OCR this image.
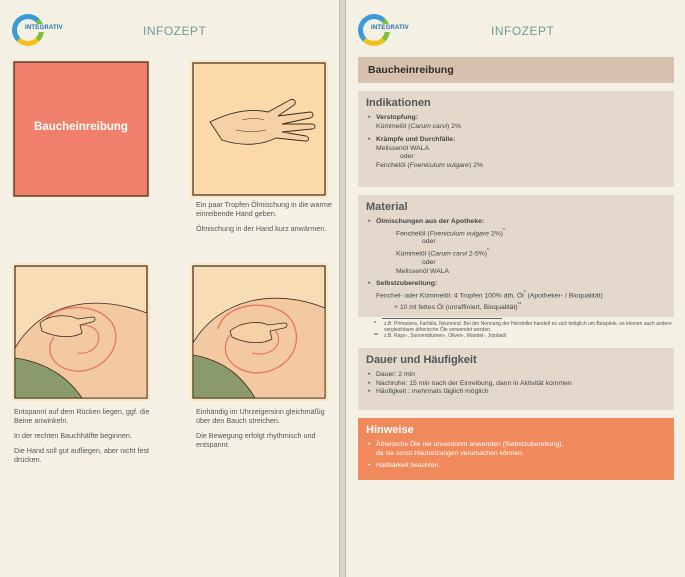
INTEGRATIV	INFOZEPT
Baucheinreibung

Ein paar Tropfen Ölmischung in die warme einreibende Hand geben.

Ölmischung in der Hand kurz anwärmen.

Entspannt auf dem Rücken liegen, ggf. die Beine anwinkeln.

In der rechten Bauchhälfte beginnen.

Die Hand soll gut aufliegen, aber nicht fest drücken.

Einhändig im Uhrzeigersinn gleichmäßig über den Bauch streichen.

Die Bewegung erfolgt rhythmisch und entspannt.

INTEGRATIV	INFOZEPT
Baucheinreibung
Indikationen
• Verstopfung:
Kümmelöl (Carum carvi) 2%
• Krämpfe und Durchfälle:
Melissenöl WALA
oder
Fenchelöl (Foeniculum vulgare) 2%
Material
• Ölmischungen aus der Apotheke:
Fenchelöl (Foeniculum vulgare 2%)*
oder
Kümmelöl (Carum carvi 2-5%)*
oder
Melissenöl WALA
• Selbstzubereitung:
Fenchel- oder Kümmelöl: 4 Tropfen 100% äth. Öl* (Apotheker- / Bioqualität)
+ 10 ml fettes Öl (unraffiniert, Bioqualität)**
* z.B. Primavera, Farfalla, Neumond. Bei der Nennung der Hersteller handelt es sich lediglich um Beispiele, es können auch andere vergleichbare ätherische Öle verwendet werden.
** z.B. Raps-, Sonnenblumen-, Oliven-, Mandel-, Jojobaöl
Dauer und Häufigkeit
• Dauer: 2 min
• Nachruhe: 15 min nach der Einreibung, dann in Aktivität kommen
• Häufigkeit : mehrmals täglich möglich
Hinweise
• Ätherische Öle nie unverdünnt anwenden (Selbstzubereitung),
da sie sonst Hautreizungen verursachen können.
• Haltbarkeit beachten.
